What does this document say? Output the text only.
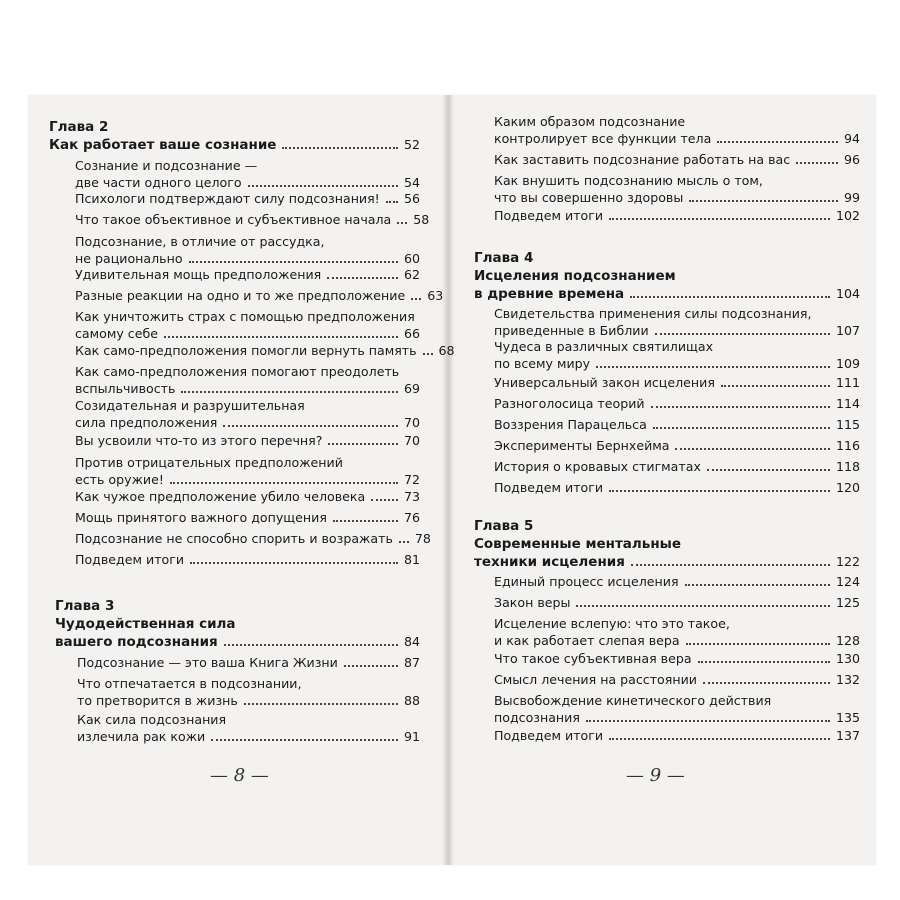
Глава 2
Как работает ваше сознание	52
Сознание и подсознание —
две части одного целого	54
Психологи подтверждают силу подсознания! 56
Что такое объективное и субъективное начала 58
Подсознание, в отличие от рассудка,
не рационально	60
Удивительная мощь предположения	62
Разные реакции на одно и то же предположение 63
Как уничтожить страх с помощью предположения
самому себе	66
Как само-предположения помогли вернуть память 68
Как само-предположения помогают преодолеть
вспыльчивость	69
Созидательная и разрушительная
сила предположения	70
Вы усвоили что-то из этого перечня?	70
Против отрицательных предположений
есть оружие!	72
Как чужое предположение убило человека	73
Мощь принятого важного допущения	76
Подсознание не способно спорить и возражать 78
Подведем итоги	81
Глава 3
Чудодейственная сила
вашего подсознания	84
Подсознание — это ваша Книга Жизни	87
Что отпечатается в подсознании,
то претворится в жизнь	88
Как сила подсознания
излечила рак кожи	91
— 8 —
Каким образом подсознание
контролирует все функции тела	94
Как заставить подсознание работать на вас	96
Как внушить подсознанию мысль о том,
что вы совершенно здоровы	99
Подведем итоги	102
Глава 4
Исцеления подсознанием
в древние времена	104
Свидетельства применения силы подсознания,
приведенные в Библии	107
Чудеса в различных святилищах
по всему миру	109
Универсальный закон исцеления	111
Разноголосица теорий	114
Воззрения Парацельса	115
Эксперименты Бернхейма	116
История о кровавых стигматах	118
Подведем итоги	120
Глава 5
Современные ментальные
техники исцеления	122
Единый процесс исцеления	124
Закон веры	125
Исцеление вслепую: что это такое,
и как работает слепая вера	128
Что такое субъективная вера	130
Смысл лечения на расстоянии	132
Высвобождение кинетического действия
подсознания	135
Подведем итоги	137
— 9 —
